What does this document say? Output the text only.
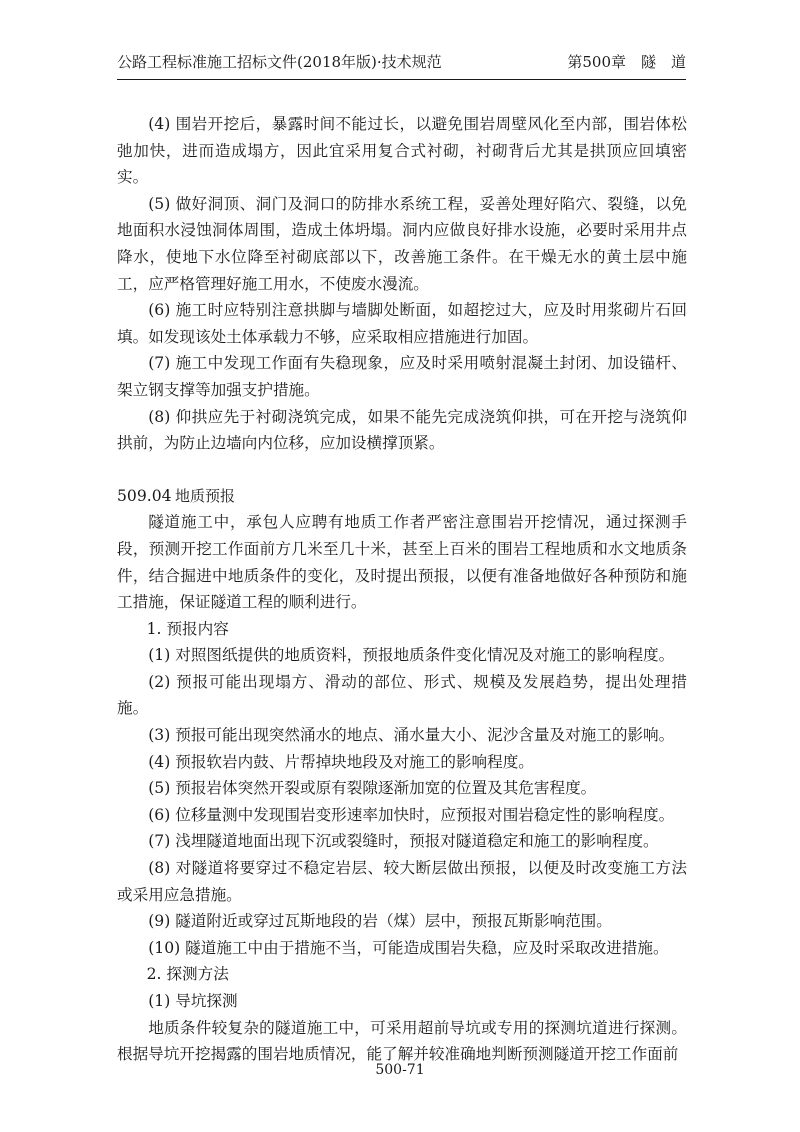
公路工程标准施工招标文件(2018年版)·技术规范	第500章　隧　道

(4) 围岩开挖后，暴露时间不能过长，以避免围岩周壁风化至内部，围岩体松弛加快，进而造成塌方，因此宜采用复合式衬砌，衬砌背后尤其是拱顶应回填密实。

(5) 做好洞顶、洞门及洞口的防排水系统工程，妥善处理好陷穴、裂缝，以免地面积水浸蚀洞体周围，造成土体坍塌。洞内应做良好排水设施，必要时采用井点降水，使地下水位降至衬砌底部以下，改善施工条件。在干燥无水的黄土层中施工，应严格管理好施工用水，不使废水漫流。

(6) 施工时应特别注意拱脚与墙脚处断面，如超挖过大，应及时用浆砌片石回填。如发现该处土体承载力不够，应采取相应措施进行加固。

(7) 施工中发现工作面有失稳现象，应及时采用喷射混凝土封闭、加设锚杆、架立钢支撑等加强支护措施。

(8) 仰拱应先于衬砌浇筑完成，如果不能先完成浇筑仰拱，可在开挖与浇筑仰拱前，为防止边墙向内位移，应加设横撑顶紧。

509.04 地质预报

隧道施工中，承包人应聘有地质工作者严密注意围岩开挖情况，通过探测手段，预测开挖工作面前方几米至几十米，甚至上百米的围岩工程地质和水文地质条件，结合掘进中地质条件的变化，及时提出预报，以便有准备地做好各种预防和施工措施，保证隧道工程的顺利进行。

1. 预报内容

(1) 对照图纸提供的地质资料，预报地质条件变化情况及对施工的影响程度。

(2) 预报可能出现塌方、滑动的部位、形式、规模及发展趋势，提出处理措施。

(3) 预报可能出现突然涌水的地点、涌水量大小、泥沙含量及对施工的影响。

(4) 预报软岩内鼓、片帮掉块地段及对施工的影响程度。

(5) 预报岩体突然开裂或原有裂隙逐渐加宽的位置及其危害程度。

(6) 位移量测中发现围岩变形速率加快时，应预报对围岩稳定性的影响程度。

(7) 浅埋隧道地面出现下沉或裂缝时，预报对隧道稳定和施工的影响程度。

(8) 对隧道将要穿过不稳定岩层、较大断层做出预报，以便及时改变施工方法或采用应急措施。

(9) 隧道附近或穿过瓦斯地段的岩（煤）层中，预报瓦斯影响范围。

(10) 隧道施工中由于措施不当，可能造成围岩失稳，应及时采取改进措施。

2. 探测方法

(1) 导坑探测

地质条件较复杂的隧道施工中，可采用超前导坑或专用的探测坑道进行探测。根据导坑开挖揭露的围岩地质情况，能了解并较准确地判断预测隧道开挖工作面前

500-71
